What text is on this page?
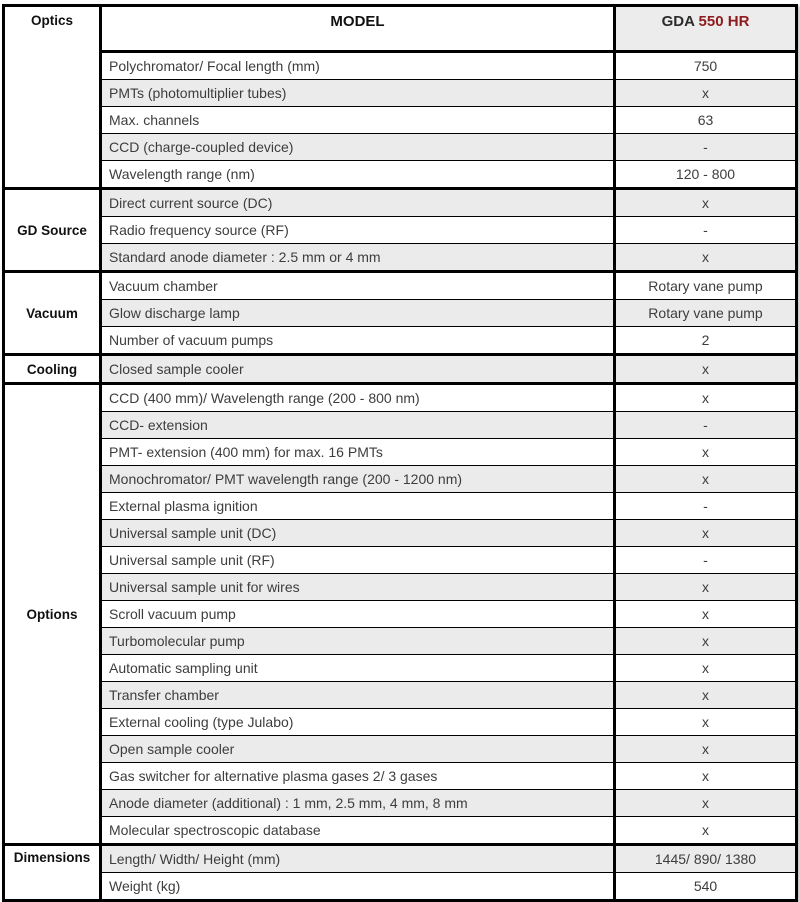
Optics	MODEL	GDA 550 HR
	Polychromator/ Focal length (mm)	750
	PMTs (photomultiplier tubes)	x
	Max. channels	63
	CCD (charge-coupled device)	-
	Wavelength range (nm)	120 - 800
GD Source	Direct current source (DC)	x
	Radio frequency source (RF)	-
	Standard anode diameter : 2.5 mm or 4 mm	x
Vacuum	Vacuum chamber	Rotary vane pump
	Glow discharge lamp	Rotary vane pump
	Number of vacuum pumps	2
Cooling	Closed sample cooler	x
Options	CCD (400 mm)/ Wavelength range (200 - 800 nm)	x
	CCD- extension	-
	PMT- extension (400 mm) for max. 16 PMTs	x
	Monochromator/ PMT wavelength range (200 - 1200 nm)	x
	External plasma ignition	-
	Universal sample unit (DC)	x
	Universal sample unit (RF)	-
	Universal sample unit for wires	x
	Scroll vacuum pump	x
	Turbomolecular pump	x
	Automatic sampling unit	x
	Transfer chamber	x
	External cooling (type Julabo)	x
	Open sample cooler	x
	Gas switcher for alternative plasma gases 2/ 3 gases	x
	Anode diameter (additional) : 1 mm, 2.5 mm, 4 mm, 8 mm	x
	Molecular spectroscopic database	x
Dimensions	Length/ Width/ Height (mm)	1445/ 890/ 1380
	Weight (kg)	540
